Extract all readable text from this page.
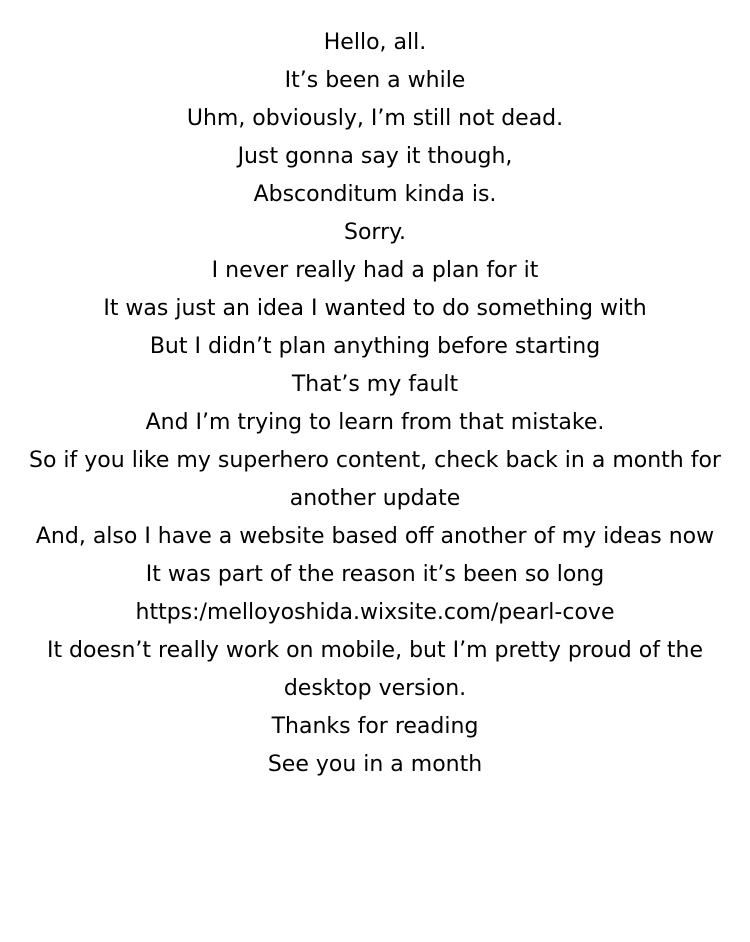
Hello, all.

It’s been a while

Uhm, obviously, I’m still not dead.

Just gonna say it though,

Absconditum kinda is.

Sorry.

I never really had a plan for it

It was just an idea I wanted to do something with

But I didn’t plan anything before starting

That’s my fault

And I’m trying to learn from that mistake.

So if you like my superhero content, check back in a month for another update

And, also I have a website based off another of my ideas now

It was part of the reason it’s been so long

https:/melloyoshida.wixsite.com/pearl-cove

It doesn’t really work on mobile, but I’m pretty proud of the desktop version.

Thanks for reading

See you in a month
